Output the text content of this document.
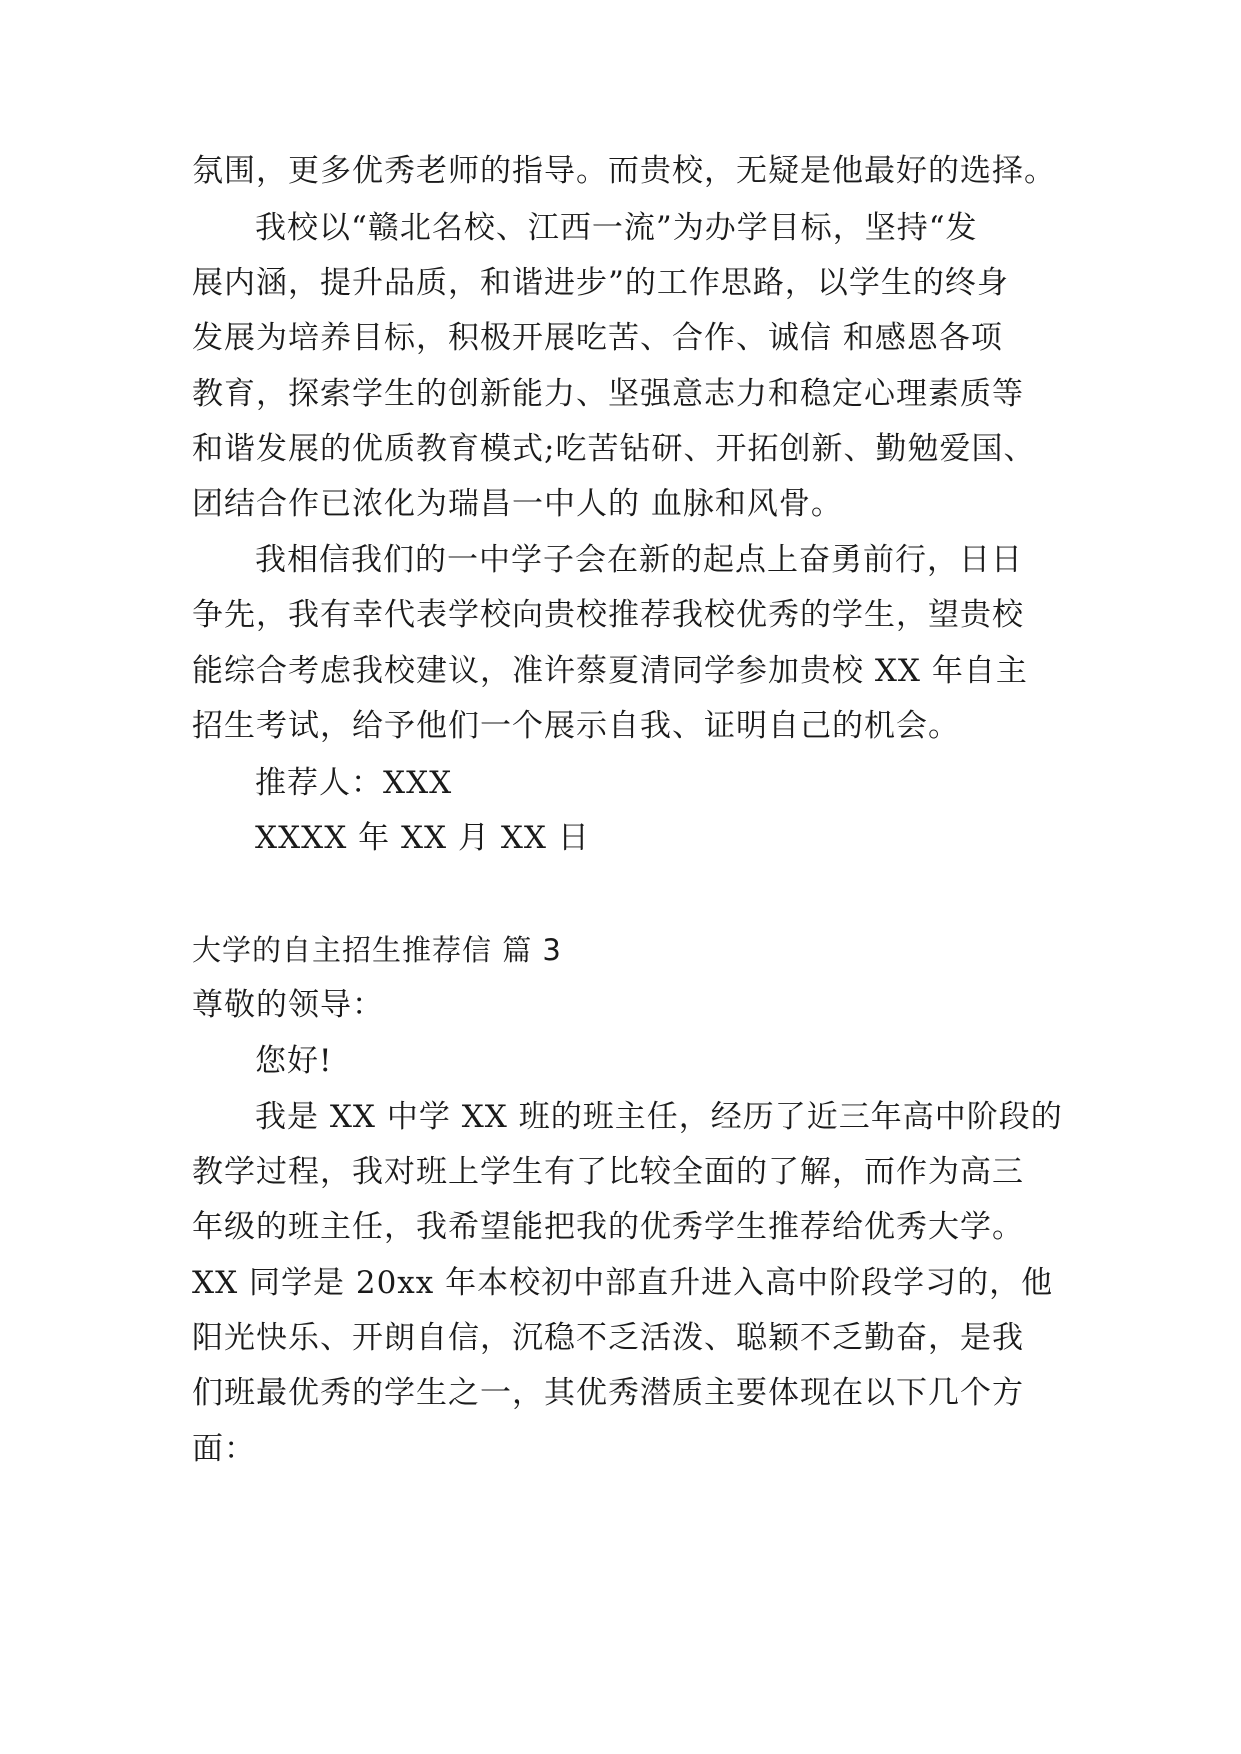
氛围，更多优秀老师的指导。而贵校，无疑是他最好的选择。
我校以“赣北名校、江西一流”为办学目标，坚持“发
展内涵，提升品质，和谐进步”的工作思路，以学生的终身
发展为培养目标，积极开展吃苦、合作、诚信 和感恩各项
教育，探索学生的创新能力、坚强意志力和稳定心理素质等
和谐发展的优质教育模式;吃苦钻研、开拓创新、勤勉爱国、
团结合作已浓化为瑞昌一中人的 血脉和风骨。
我相信我们的一中学子会在新的起点上奋勇前行，日日
争先，我有幸代表学校向贵校推荐我校优秀的学生，望贵校
能综合考虑我校建议，准许蔡夏清同学参加贵校 XX 年自主
招生考试，给予他们一个展示自我、证明自己的机会。
推荐人：XXX
XXXX 年 XX 月 XX 日
大学的自主招生推荐信 篇 3
尊敬的领导：
您好!
我是 XX 中学 XX 班的班主任，经历了近三年高中阶段的
教学过程，我对班上学生有了比较全面的了解，而作为高三
年级的班主任，我希望能把我的优秀学生推荐给优秀大学。
XX 同学是 20xx 年本校初中部直升进入高中阶段学习的，他
阳光快乐、开朗自信，沉稳不乏活泼、聪颖不乏勤奋，是我
们班最优秀的学生之一，其优秀潜质主要体现在以下几个方
面：
